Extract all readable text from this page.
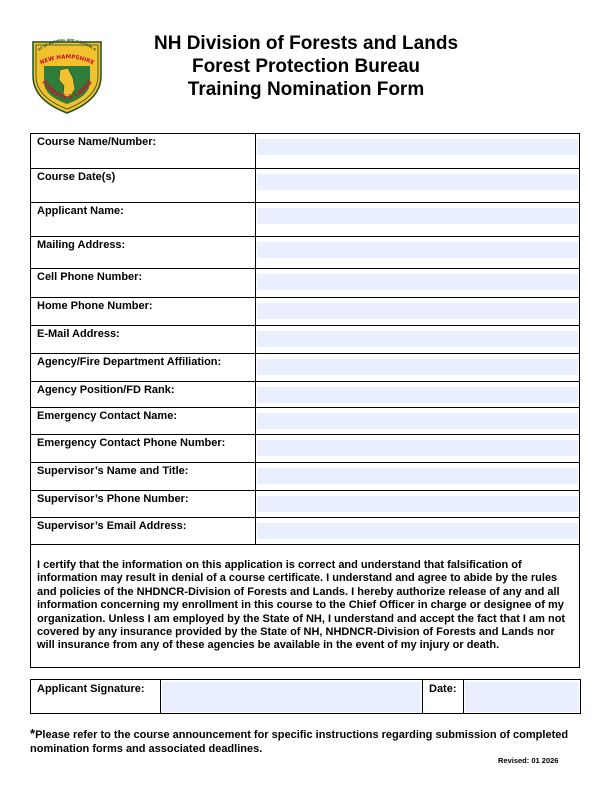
NT OF NATURAL AND CULTURAL R
NEW HAMPSHIRE
FORESTS & LANDS
NH Division of Forests and Lands
Forest Protection Bureau
Training Nomination Form
Course Name/Number:	
Course Date(s)	
Applicant Name:	
Mailing Address:	
Cell Phone Number:	
Home Phone Number:	
E-Mail Address:	
Agency/Fire Department Affiliation:	
Agency Position/FD Rank:	
Emergency Contact Name:	
Emergency Contact Phone Number:	
Supervisor’s Name and Title:	
Supervisor’s Phone Number:	
Supervisor’s Email Address:	
I certify that the information on this application is correct and understand that falsification of information may result in denial of a course certificate. I understand and agree to abide by the rules and policies of the NHDNCR-Division of Forests and Lands. I hereby authorize release of any and all information concerning my enrollment in this course to the Chief Officer in charge or designee of my organization. Unless I am employed by the State of NH, I understand and accept the fact that I am not covered by any insurance provided by the State of NH, NHDNCR-Division of Forests and Lands nor will insurance from any of these agencies be available in the event of my injury or death.	
Applicant Signature:		Date:	
*Please refer to the course announcement for specific instructions regarding submission of completed nomination forms and associated deadlines.
Revised: 01 2026
